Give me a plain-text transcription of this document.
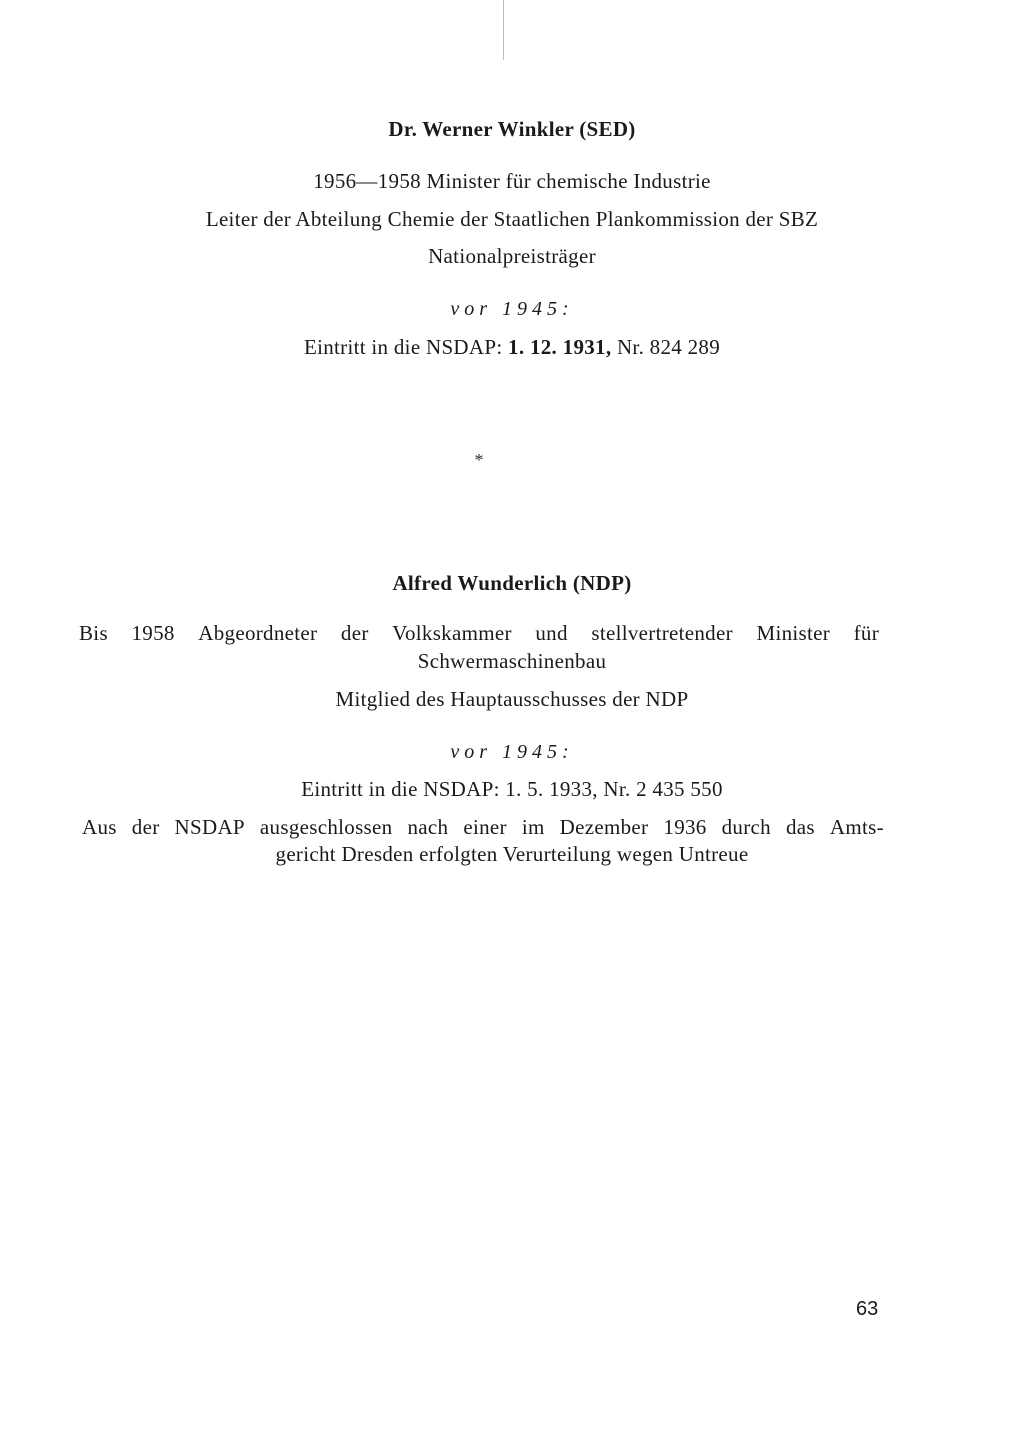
Dr. Werner Winkler (SED)
1956—1958 Minister für chemische Industrie
Leiter der Abteilung Chemie der Staatlichen Plankommission der SBZ
Nationalpreisträger
vor 1945:
Eintritt in die NSDAP: 1. 12. 1931, Nr. 824 289
*
Alfred Wunderlich (NDP)
Bis 1958 Abgeordneter der Volkskammer und stellvertretender Minister für
Schwermaschinenbau
Mitglied des Hauptausschusses der NDP
vor 1945:
Eintritt in die NSDAP: 1. 5. 1933, Nr. 2 435 550
Aus der NSDAP ausgeschlossen nach einer im Dezember 1936 durch das Amts-
gericht Dresden erfolgten Verurteilung wegen Untreue
63
